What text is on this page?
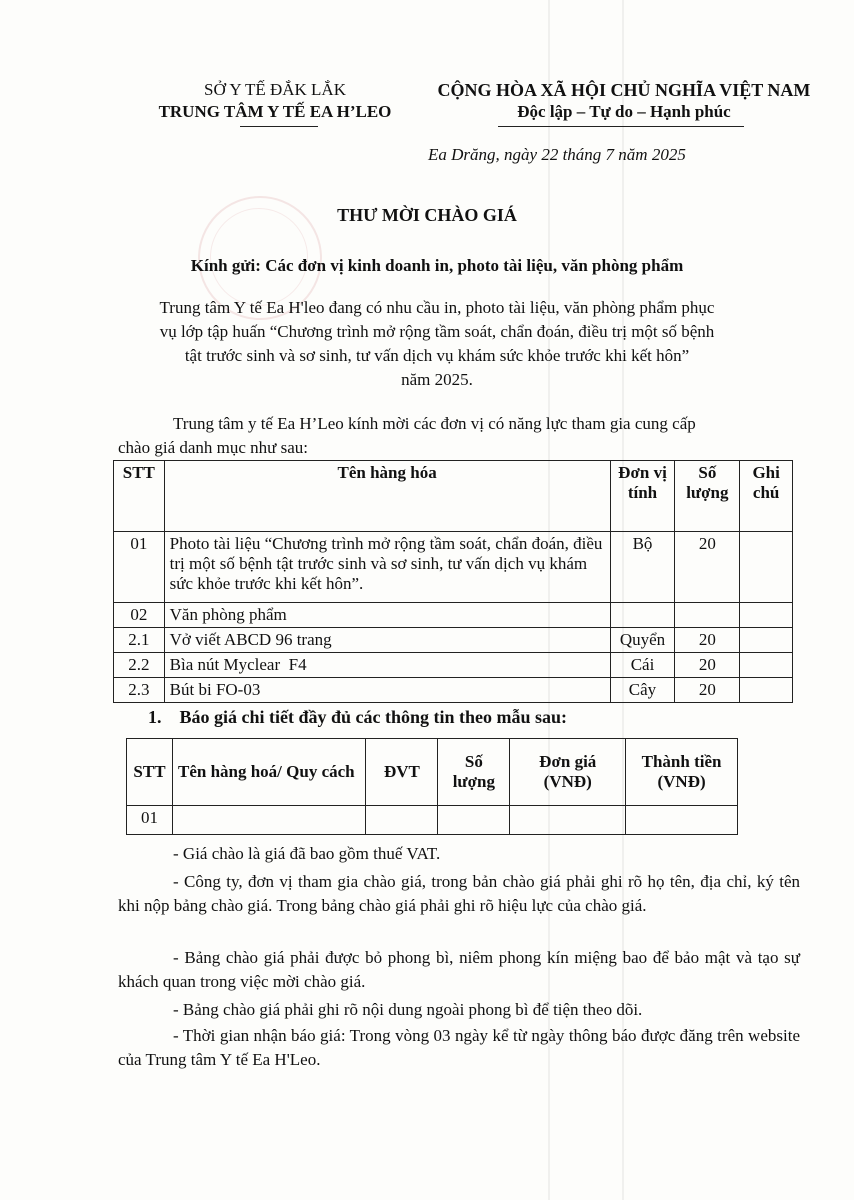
SỞ Y TẾ ĐẮK LẮK
TRUNG TÂM Y TẾ EA H’LEO
CỘNG HÒA XÃ HỘI CHỦ NGHĨA VIỆT NAM
Độc lập – Tự do – Hạnh phúc
Ea Drăng, ngày 22 tháng 7 năm 2025
THƯ MỜI CHÀO GIÁ
Kính gửi: Các đơn vị kinh doanh in, photo tài liệu, văn phòng phẩm
Trung tâm Y tế Ea H'leo đang có nhu cầu in, photo tài liệu, văn phòng phẩm phục
vụ lớp tập huấn “Chương trình mở rộng tầm soát, chẩn đoán, điều trị một số bệnh
tật trước sinh và sơ sinh, tư vấn dịch vụ khám sức khỏe trước khi kết hôn”
năm 2025.
Trung tâm y tế Ea H’Leo kính mời các đơn vị có năng lực tham gia cung cấp
chào giá danh mục như sau:
STT	Tên hàng hóa	Đơn vị tính	Số lượng	Ghi chú
01	Photo tài liệu “Chương trình mở rộng tầm soát, chẩn đoán, điều trị một số bệnh tật trước sinh và sơ sinh, tư vấn dịch vụ khám sức khỏe trước khi kết hôn”.	Bộ	20	
02	Văn phòng phẩm			
2.1	Vở viết ABCD 96 trang	Quyển	20	
2.2	Bìa nút Myclear  F4	Cái	20	
2.3	Bút bi FO-03	Cây	20	
1.    Báo giá chi tiết đầy đủ các thông tin theo mẫu sau:
STT	Tên hàng hoá/ Quy cách	ĐVT	Số lượng	Đơn giá (VNĐ)	Thành tiền (VNĐ)
01					
- Giá chào là giá đã bao gồm thuế VAT.
- Công ty, đơn vị tham gia chào giá, trong bản chào giá phải ghi rõ họ tên, địa chỉ, ký tên khi nộp bảng chào giá. Trong bảng chào giá phải ghi rõ hiệu lực của chào giá.
- Bảng chào giá phải được bỏ phong bì, niêm phong kín miệng bao để bảo mật và tạo sự khách quan trong việc mời chào giá.
- Bảng chào giá phải ghi rõ nội dung ngoài phong bì để tiện theo dõi.
- Thời gian nhận báo giá: Trong vòng 03 ngày kể từ ngày thông báo được đăng trên website của Trung tâm Y tế Ea H'Leo.
